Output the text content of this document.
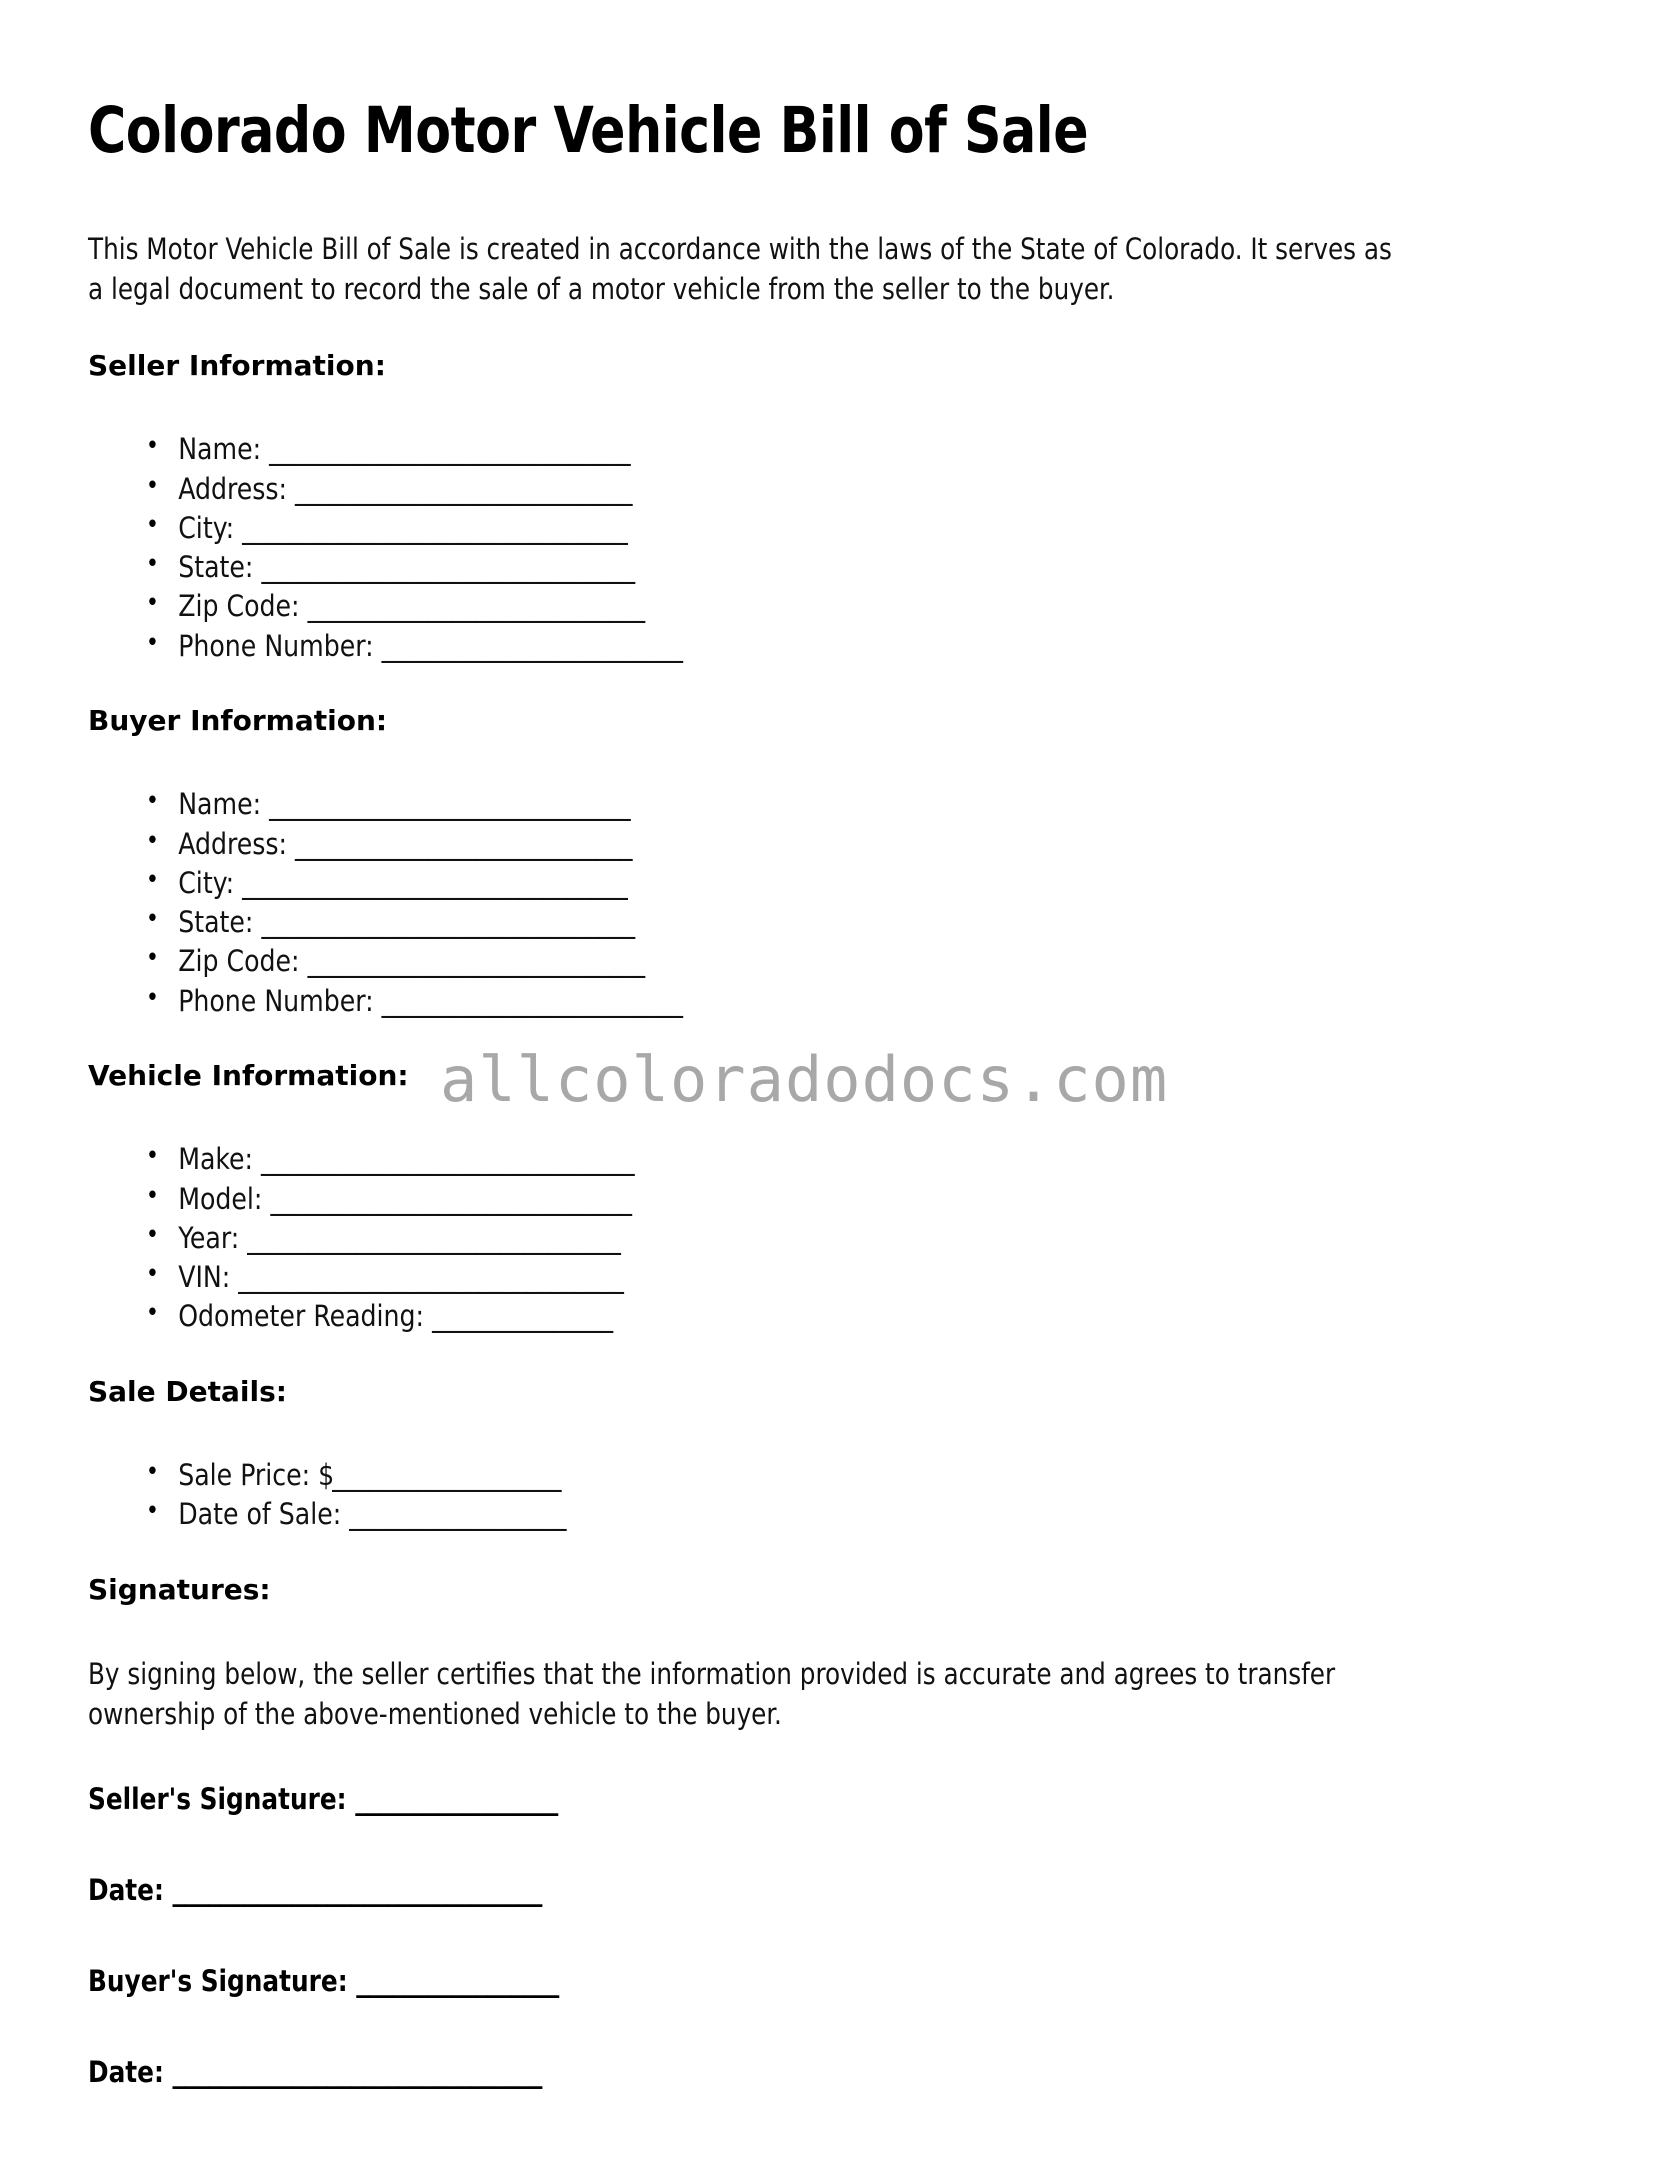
allcoloradodocs.com
Colorado Motor Vehicle Bill of Sale

This Motor Vehicle Bill of Sale is created in accordance with the laws of the State of Colorado. It serves as a legal document to record the sale of a motor vehicle from the seller to the buyer.

Seller Information:
• Name: ______________________________
• Address: ____________________________
• City: ________________________________
• State: _______________________________
• Zip Code: ____________________________
• Phone Number: _________________________
Buyer Information:
• Name: ______________________________
• Address: ____________________________
• City: ________________________________
• State: _______________________________
• Zip Code: ____________________________
• Phone Number: _________________________
Vehicle Information:
• Make: _______________________________
• Model: ______________________________
• Year: _______________________________
• VIN: ________________________________
• Odometer Reading: _______________
Sale Details:
• Sale Price: $___________________
• Date of Sale: __________________
Signatures:

By signing below, the seller certifies that the information provided is accurate and agrees to transfer ownership of the above-mentioned vehicle to the buyer.

Seller's Signature: _________________
Date: _______________________________
Buyer's Signature: _________________
Date: _______________________________
